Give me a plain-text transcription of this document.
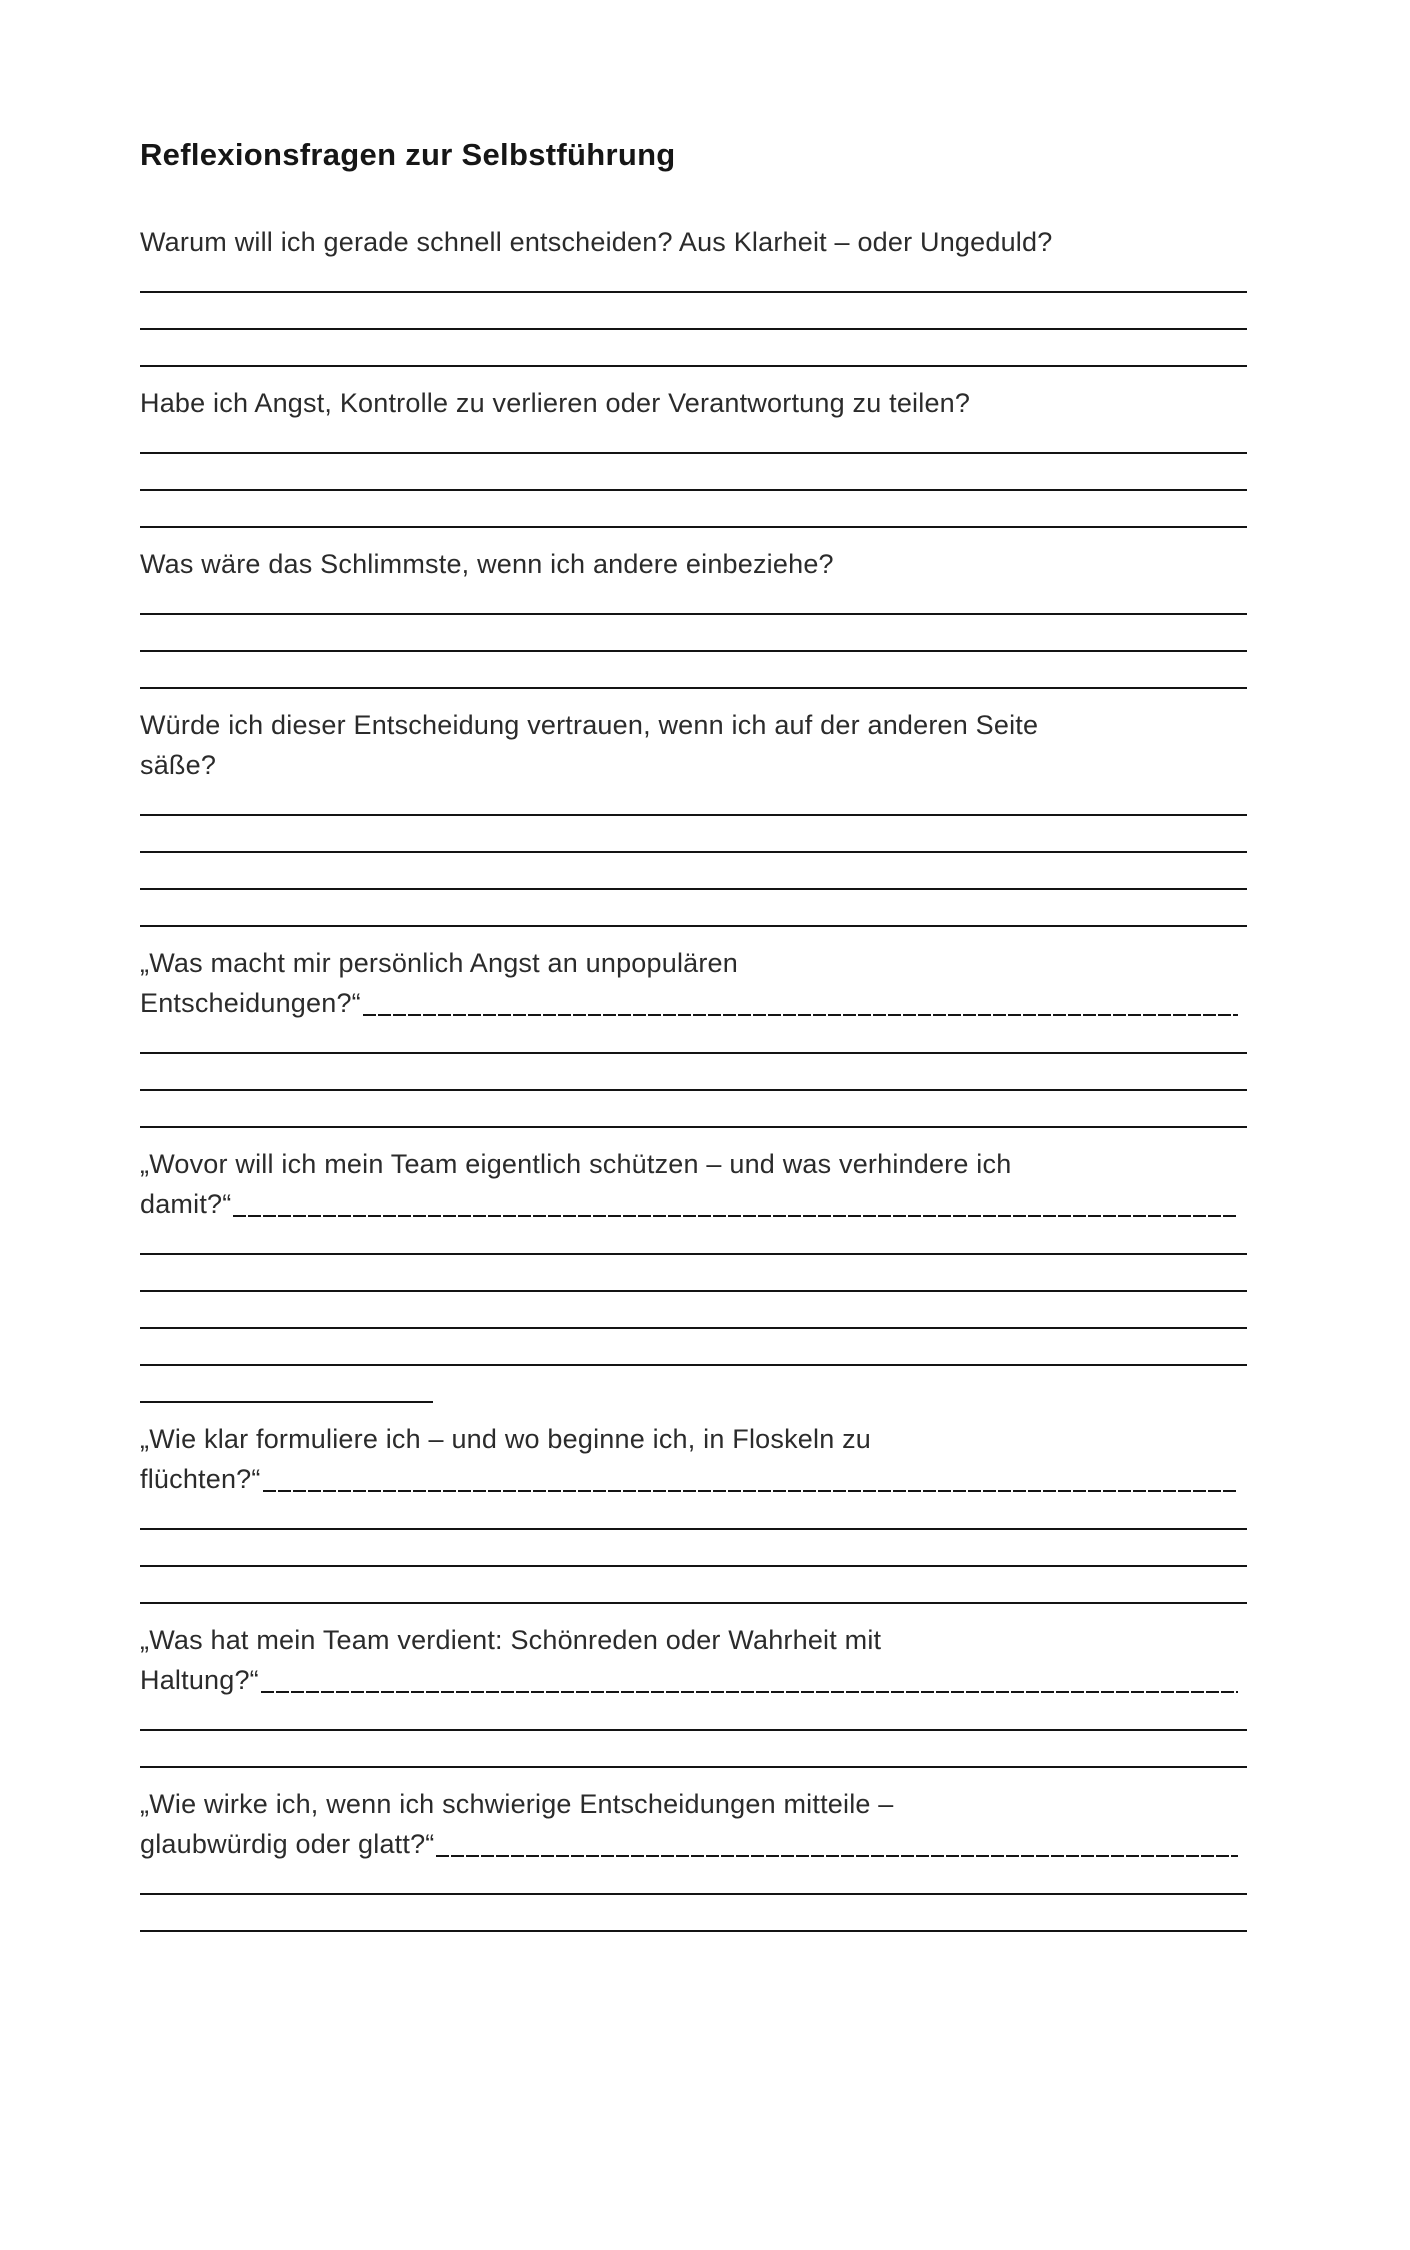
Reflexionsfragen zur Selbstführung

Warum will ich gerade schnell entscheiden? Aus Klarheit – oder Ungeduld?

Habe ich Angst, Kontrolle zu verlieren oder Verantwortung zu teilen?

Was wäre das Schlimmste, wenn ich andere einbeziehe?

Würde ich dieser Entscheidung vertrauen, wenn ich auf der anderen Seite
säße?

„Was macht mir persönlich Angst an unpopulären
Entscheidungen?“

„Wovor will ich mein Team eigentlich schützen – und was verhindere ich
damit?“

„Wie klar formuliere ich – und wo beginne ich, in Floskeln zu
flüchten?“

„Was hat mein Team verdient: Schönreden oder Wahrheit mit
Haltung?“

„Wie wirke ich, wenn ich schwierige Entscheidungen mitteile –
glaubwürdig oder glatt?“
